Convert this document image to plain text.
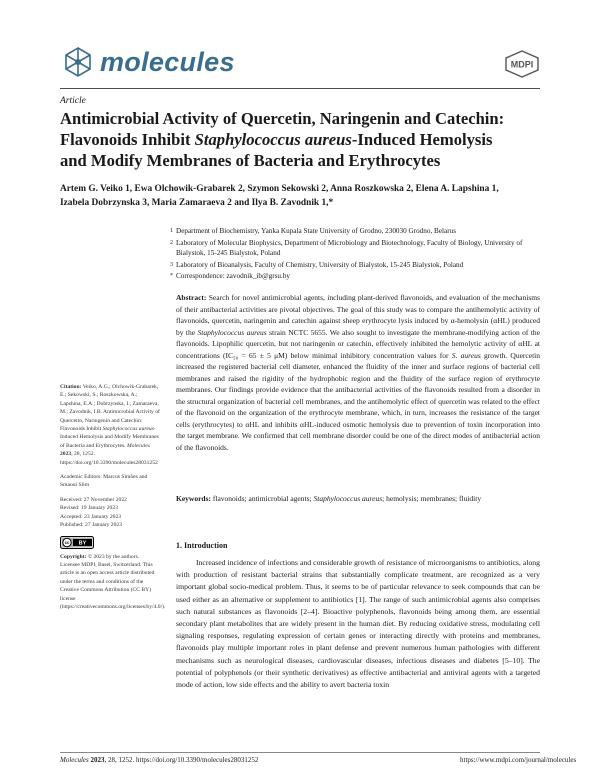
molecules	MDPI
Article
Antimicrobial Activity of Quercetin, Naringenin and Catechin:
Flavonoids Inhibit Staphylococcus aureus-Induced Hemolysis
and Modify Membranes of Bacteria and Erythrocytes
Artem G. Veiko 1, Ewa Olchowik-Grabarek 2, Szymon Sekowski 2, Anna Roszkowska 2, Elena A. Lapshina 1,
Izabela Dobrzynska 3, Maria Zamaraeva 2 and Ilya B. Zavodnik 1,*
1 Department of Biochemistry, Yanka Kupala State University of Grodno, 230030 Grodno, Belarus
2 Laboratory of Molecular Biophysics, Department of Microbiology and Biotechnology, Faculty of Biology, University of Bialystok, 15-245 Bialystok, Poland
3 Laboratory of Bioanalysis, Faculty of Chemistry, University of Bialystok, 15-245 Bialystok, Poland
* Correspondence: zavodnik_ib@grsu.by
Abstract: Search for novel antimicrobial agents, including plant-derived flavonoids, and evaluation of the mechanisms of their antibacterial activities are pivotal objectives. The goal of this study was to compare the antihemolytic activity of flavonoids, quercetin, naringenin and catechin against sheep erythrocyte lysis induced by α-hemolysin (αHL) produced by the Staphylococcus aureus strain NCTC 5655. We also sought to investigate the membrane-modifying action of the flavonoids. Lipophilic quercetin, but not naringenin or catechin, effectively inhibited the hemolytic activity of αHL at concentrations (IC₅₀ = 65 ± 5 μM) below minimal inhibitory concentration values for S. aureus growth. Quercetin increased the registered bacterial cell diameter, enhanced the fluidity of the inner and surface regions of bacterial cell membranes and raised the rigidity of the hydrophobic region and the fluidity of the surface region of erythrocyte membranes. Our findings provide evidence that the antibacterial activities of the flavonoids resulted from a disorder in the structural organization of bacterial cell membranes, and the antihemolytic effect of quercetin was related to the effect of the flavonoid on the organization of the erythrocyte membrane, which, in turn, increases the resistance of the target cells (erythrocytes) to αHL and inhibits αHL-induced osmotic hemolysis due to prevention of toxin incorporation into the target membrane. We confirmed that cell membrane disorder could be one of the direct modes of antibacterial action of the flavonoids.
Keywords: flavonoids; antimicrobial agents; Staphylococcus aureus; hemolysis; membranes; fluidity
Citation: Veiko, A.G.; Olchowik-Grabarek, E.; Sekowski, S.; Roszkowska, A.; Lapshina, E.A.; Dobrzynska, I.; Zamaraeva, M.; Zavodnik, I.B. Antimicrobial Activity of Quercetin, Naringenin and Catechin: Flavonoids Inhibit Staphylococcus aureus-Induced Hemolysis and Modify Membranes of Bacteria and Erythrocytes. Molecules 2023, 28, 1252. https://doi.org/10.3390/molecules28031252
Academic Editors: Marcus Simões and Smaoui Slim
Received: 27 November 2022
Revised: 19 January 2023
Accepted: 23 January 2023
Published: 27 January 2023
cc BY
Copyright: © 2023 by the authors. Licensee MDPI, Basel, Switzerland. This article is an open access article distributed under the terms and conditions of the Creative Commons Attribution (CC BY) license (https://creativecommons.org/licenses/by/4.0/).
1. Introduction
Increased incidence of infections and considerable growth of resistance of microorganisms to antibiotics, along with production of resistant bacterial strains that substantially complicate treatment, are recognized as a very important global socio-medical problem. Thus, it seems to be of particular relevance to seek compounds that can be used either as an alternative or supplement to antibiotics [1]. The range of such antimicrobial agents also comprises such natural substances as flavonoids [2–4]. Bioactive polyphenols, flavonoids being among them, are essential secondary plant metabolites that are widely present in the human diet. By reducing oxidative stress, modulating cell signaling responses, regulating expression of certain genes or interacting directly with proteins and membranes, flavonoids play multiple important roles in plant defense and prevent numerous human pathologies with different mechanisms such as neurological diseases, cardiovascular diseases, infectious diseases and diabetes [5–10]. The potential of polyphenols (or their synthetic derivatives) as effective antibacterial and antiviral agents with a targeted mode of action, low side effects and the ability to avert bacteria toxin
Molecules 2023, 28, 1252. https://doi.org/10.3390/molecules28031252	https://www.mdpi.com/journal/molecules
